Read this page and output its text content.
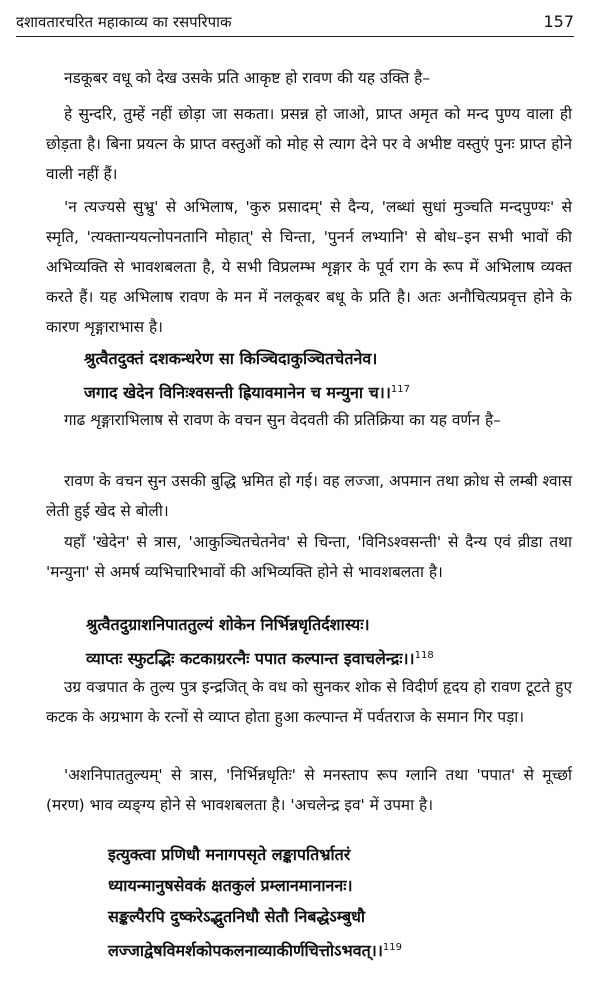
दशावतारचरित महाकाव्य का रसपरिपाक	157

नडकूबर वधू को देख उसके प्रति आकृष्ट हो रावण की यह उक्ति है–

हे सुन्दरि, तुम्हें नहीं छोड़ा जा सकता। प्रसन्न हो जाओ, प्राप्त अमृत को मन्द पुण्य वाला ही छोड़ता है। बिना प्रयत्न के प्राप्त वस्तुओं को मोह से त्याग देने पर वे अभीष्ट वस्तुएं पुनः प्राप्त होने वाली नहीं हैं।

'न त्यज्यसे सुभ्रु' से अभिलाष, 'कुरु प्रसादम्' से दैन्य, 'लब्धां सुधां मुञ्चति मन्दपुण्यः' से स्मृति, 'त्यक्तान्ययत्नोपनतानि मोहात्' से चिन्ता, 'पुनर्न लभ्यानि' से बोध–इन सभी भावों की अभिव्यक्ति से भावशबलता है, ये सभी विप्रलम्भ शृङ्गार के पूर्व राग के रूप में अभिलाष व्यक्त करते हैं। यह अभिलाष रावण के मन में नलकूबर बधू के प्रति है। अतः अनौचित्यप्रवृत्त होने के कारण शृङ्गाराभास है।

श्रुत्वैतदुक्तं दशकन्धरेण सा किञ्चिदाकुञ्चितचेतनेव।
जगाद खेदेन विनिःश्वसन्ती ह्रियावमानेन च मन्युना च।।$^{117}$

गाढ शृङ्गाराभिलाष से रावण के वचन सुन वेदवती की प्रतिक्रिया का यह वर्णन है–

रावण के वचन सुन उसकी बुद्धि भ्रमित हो गई। वह लज्जा, अपमान तथा क्रोध से लम्बी श्वास लेती हुई खेद से बोली।

यहाँ 'खेदेन' से त्रास, 'आकुञ्चितचेतनेव' से चिन्ता, 'विनिऽश्वसन्ती' से दैन्य एवं व्रीडा तथा 'मन्युना' से अमर्ष व्यभिचारिभावों की अभिव्यक्ति होने से भावशबलता है।

श्रुत्वैतदुग्राशनिपाततुल्यं शोकेन निर्भिन्नधृतिर्दशास्यः।
व्याप्तः स्फुटद्भिः कटकाग्ररत्नैः पपात कल्पान्त इवाचलेन्द्रः।।$^{118}$

उग्र वज्रपात के तुल्य पुत्र इन्द्रजित् के वध को सुनकर शोक से विदीर्ण हृदय हो रावण टूटते हुए कटक के अग्रभाग के रत्नों से व्याप्त होता हुआ कल्पान्त में पर्वतराज के समान गिर पड़ा।

'अशनिपाततुल्यम्' से त्रास, 'निर्भिन्नधृतिः' से मनस्ताप रूप ग्लानि तथा 'पपात' से मूर्च्छा (मरण) भाव व्यङ्ग्य होने से भावशबलता है। 'अचलेन्द्र इव' में उपमा है।

इत्युक्त्वा प्रणिधौ मनागपसृते लङ्कापतिर्भ्रातरं
ध्यायन्मानुषसेवकं क्षतकुलं प्रम्लानमानाननः।
सङ्कल्पैरपि दुष्करेऽद्भुतनिधौ सेतौ निबद्धेऽम्बुधौ
लज्जाद्वेषविमर्शकोपकलनाव्याकीर्णचित्तोऽभवत्।।$^{119}$
